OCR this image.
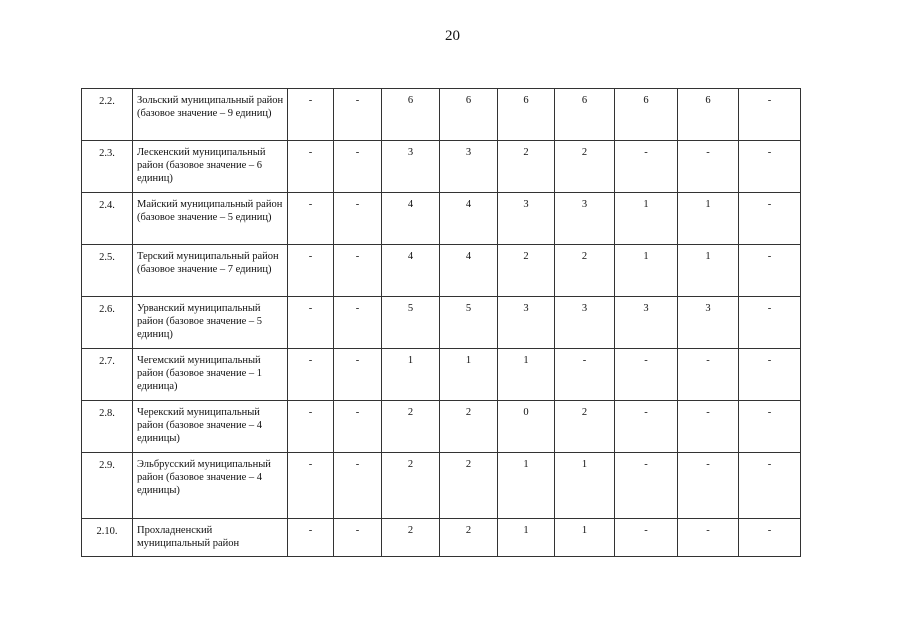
20
2.2.	Зольский муниципальный район (базовое значение – 9 единиц)	-	-	6	6	6	6	6	6	-
2.3.	Лескенский муниципальный район (базовое значение – 6 единиц)	-	-	3	3	2	2	-	-	-
2.4.	Майский муниципальный район (базовое значение – 5 единиц)	-	-	4	4	3	3	1	1	-
2.5.	Терский муниципальный район (базовое значение – 7 единиц)	-	-	4	4	2	2	1	1	-
2.6.	Урванский муниципальный район (базовое значение – 5 единиц)	-	-	5	5	3	3	3	3	-
2.7.	Чегемский муниципальный район (базовое значение – 1 единица)	-	-	1	1	1	-	-	-	-
2.8.	Черекский муниципальный район (базовое значение – 4 единицы)	-	-	2	2	0	2	-	-	-
2.9.	Эльбрусский муниципальный район (базовое значение – 4 единицы)	-	-	2	2	1	1	-	-	-
2.10.	Прохладненский муниципальный район	-	-	2	2	1	1	-	-	-
